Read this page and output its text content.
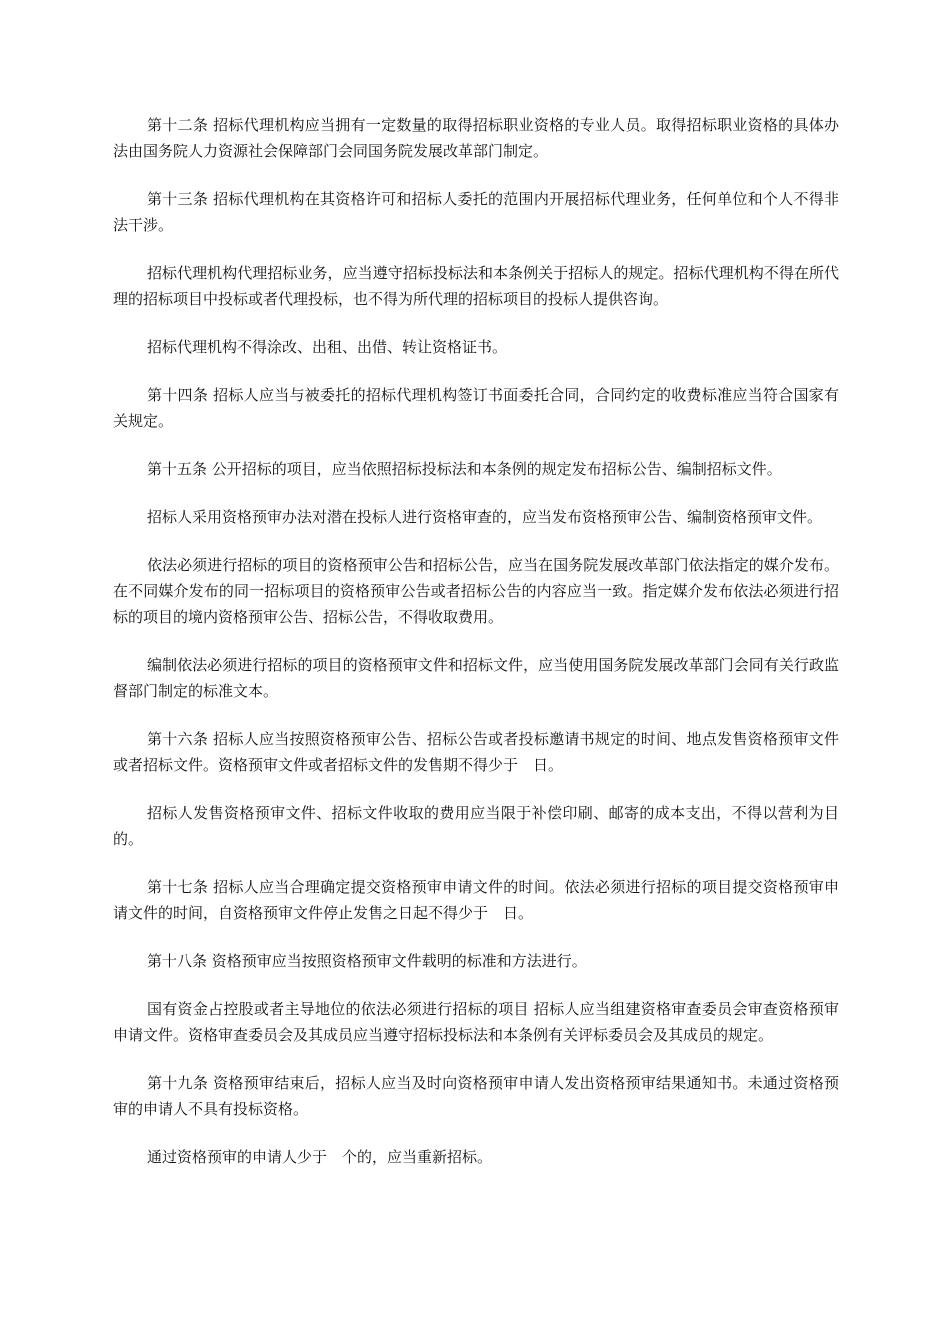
第十二条 招标代理机构应当拥有一定数量的取得招标职业资格的专业人员。取得招标职业资格的具体办法由国务院人力资源社会保障部门会同国务院发展改革部门制定。

第十三条 招标代理机构在其资格许可和招标人委托的范围内开展招标代理业务，任何单位和个人不得非法干涉。

招标代理机构代理招标业务，应当遵守招标投标法和本条例关于招标人的规定。招标代理机构不得在所代理的招标项目中投标或者代理投标，也不得为所代理的招标项目的投标人提供咨询。

招标代理机构不得涂改、出租、出借、转让资格证书。

第十四条 招标人应当与被委托的招标代理机构签订书面委托合同，合同约定的收费标准应当符合国家有关规定。

第十五条 公开招标的项目，应当依照招标投标法和本条例的规定发布招标公告、编制招标文件。

招标人采用资格预审办法对潜在投标人进行资格审查的，应当发布资格预审公告、编制资格预审文件。

依法必须进行招标的项目的资格预审公告和招标公告，应当在国务院发展改革部门依法指定的媒介发布。在不同媒介发布的同一招标项目的资格预审公告或者招标公告的内容应当一致。指定媒介发布依法必须进行招标的项目的境内资格预审公告、招标公告，不得收取费用。

编制依法必须进行招标的项目的资格预审文件和招标文件，应当使用国务院发展改革部门会同有关行政监督部门制定的标准文本。

第十六条 招标人应当按照资格预审公告、招标公告或者投标邀请书规定的时间、地点发售资格预审文件或者招标文件。资格预审文件或者招标文件的发售期不得少于　日。

招标人发售资格预审文件、招标文件收取的费用应当限于补偿印刷、邮寄的成本支出，不得以营利为目的。

第十七条 招标人应当合理确定提交资格预审申请文件的时间。依法必须进行招标的项目提交资格预审申请文件的时间，自资格预审文件停止发售之日起不得少于　日。

第十八条 资格预审应当按照资格预审文件载明的标准和方法进行。

国有资金占控股或者主导地位的依法必须进行招标的项目 招标人应当组建资格审查委员会审查资格预审申请文件。资格审查委员会及其成员应当遵守招标投标法和本条例有关评标委员会及其成员的规定。

第十九条 资格预审结束后，招标人应当及时向资格预审申请人发出资格预审结果通知书。未通过资格预审的申请人不具有投标资格。

通过资格预审的申请人少于　个的，应当重新招标。
